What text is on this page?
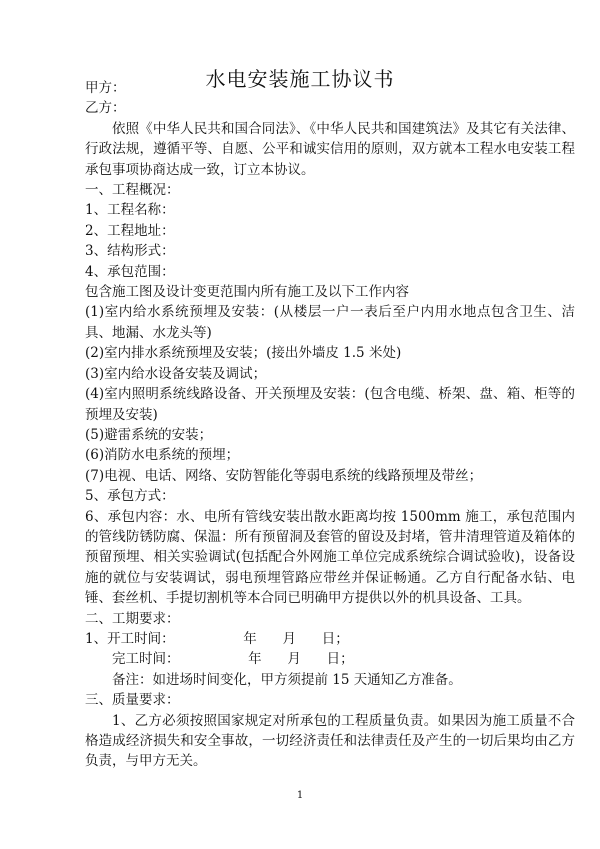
水电安装施工协议书

甲方：

乙方：

依照《中华人民共和国合同法》、《中华人民共和国建筑法》及其它有关法律、行政法规，遵循平等、自愿、公平和诚实信用的原则，双方就本工程水电安装工程承包事项协商达成一致，订立本协议。

一、工程概况：

1、工程名称：

2、工程地址：

3、结构形式：

4、承包范围：

包含施工图及设计变更范围内所有施工及以下工作内容

(1)室内给水系统预埋及安装：(从楼层一户一表后至户内用水地点包含卫生、洁具、地漏、水龙头等)

(2)室内排水系统预埋及安装；(接出外墙皮 1.5 米处)

(3)室内给水设备安装及调试；

(4)室内照明系统线路设备、开关预埋及安装：(包含电缆、桥架、盘、箱、柜等的预埋及安装)

(5)避雷系统的安装；

(6)消防水电系统的预埋；

(7)电视、电话、网络、安防智能化等弱电系统的线路预埋及带丝；

5、承包方式：

6、承包内容：水、电所有管线安装出散水距离均按 1500mm 施工，承包范围内的管线防锈防腐、保温：所有预留洞及套管的留设及封堵，管井清理管道及箱体的预留预埋、相关实验调试(包括配合外网施工单位完成系统综合调试验收)，设备设施的就位与安装调试，弱电预埋管路应带丝并保证畅通。乙方自行配备水钻、电锤、套丝机、手提切割机等本合同已明确甲方提供以外的机具设备、工具。

二、工期要求：

1、开工时间：                年      月      日；

完工时间：                年      月      日；

备注：如进场时间变化，甲方须提前 15 天通知乙方准备。

三、质量要求：

1、乙方必须按照国家规定对所承包的工程质量负责。如果因为施工质量不合格造成经济损失和安全事故，一切经济责任和法律责任及产生的一切后果均由乙方负责，与甲方无关。

1
